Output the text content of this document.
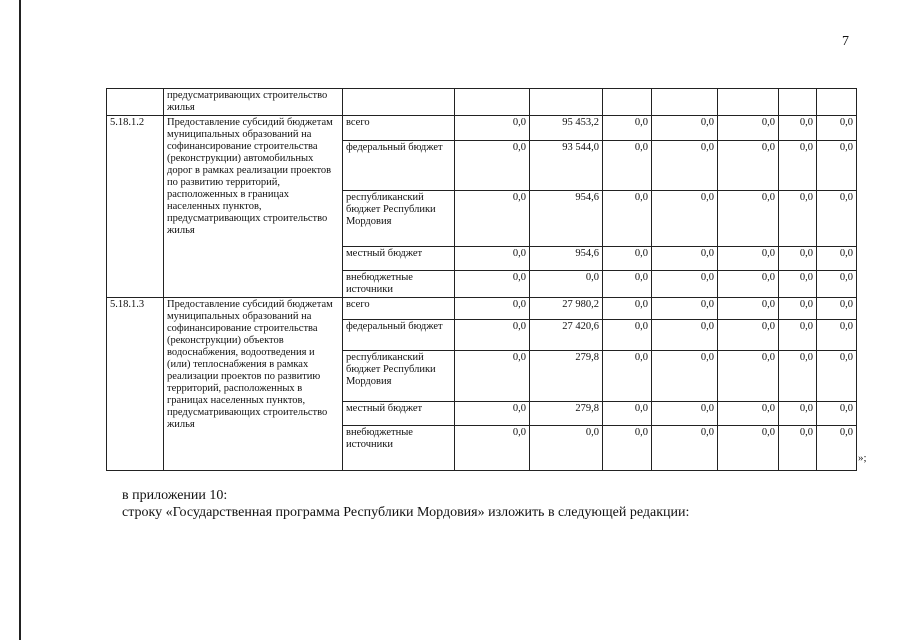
7
	предусматривающих строительство жилья								
5.18.1.2	Предоставление субсидий бюджетам муниципальных образований на софинансирование строительства (реконструкции) автомобильных дорог в рамках реализации проектов по развитию территорий, расположенных в границах населенных пунктов, предусматривающих строительство жилья	всего	0,0	95 453,2	0,0	0,0	0,0	0,0	0,0
		федеральный бюджет	0,0	93 544,0	0,0	0,0	0,0	0,0	0,0
		республиканский бюджет Республики Мордовия	0,0	954,6	0,0	0,0	0,0	0,0	0,0
		местный бюджет	0,0	954,6	0,0	0,0	0,0	0,0	0,0
		внебюджетные источники	0,0	0,0	0,0	0,0	0,0	0,0	0,0
5.18.1.3	Предоставление субсидий бюджетам муниципальных образований на софинансирование строительства (реконструкции) объектов водоснабжения, водоотведения и (или) теплоснабжения в рамках реализации проектов по развитию территорий, расположенных в границах населенных пунктов, предусматривающих строительство жилья	всего	0,0	27 980,2	0,0	0,0	0,0	0,0	0,0
		федеральный бюджет	0,0	27 420,6	0,0	0,0	0,0	0,0	0,0
		республиканский бюджет Республики Мордовия	0,0	279,8	0,0	0,0	0,0	0,0	0,0
		местный бюджет	0,0	279,8	0,0	0,0	0,0	0,0	0,0
		внебюджетные источники	0,0	0,0	0,0	0,0	0,0	0,0	0,0
»;
в приложении 10:
строку «Государственная программа Республики Мордовия» изложить в следующей редакции:
